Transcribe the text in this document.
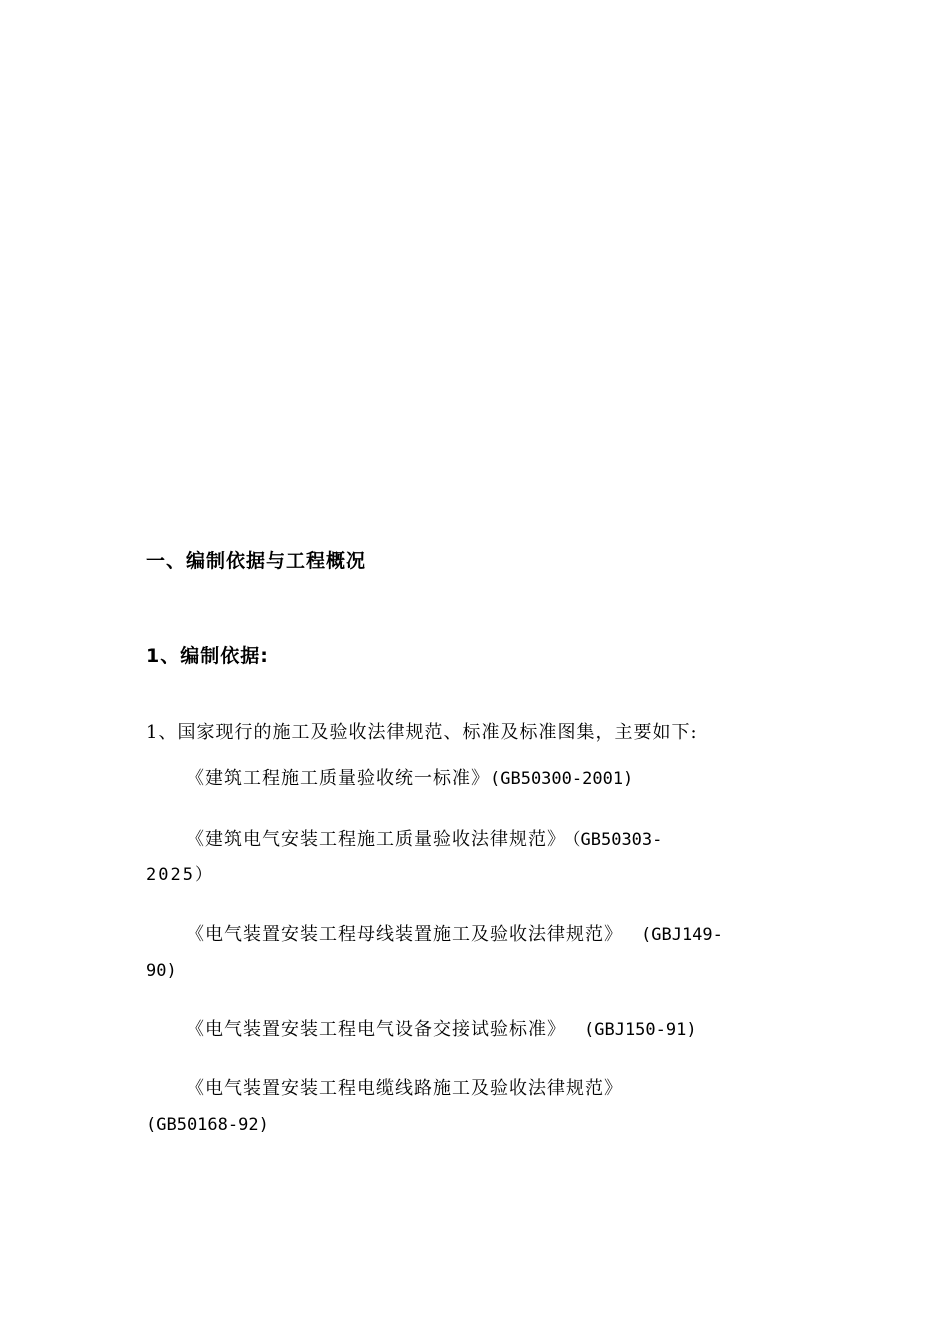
一、编制依据与工程概况
1、编制依据:
1、国家现行的施工及验收法律规范、标准及标准图集，主要如下:
《建筑工程施工质量验收统一标准》(GB50300-2001)
《建筑电气安装工程施工质量验收法律规范》 （GB50303-
2025）
《电气装置安装工程母线装置施工及验收法律规范》 (GBJ149-
90)
《电气装置安装工程电气设备交接试验标准》 (GBJ150-91)
《电气装置安装工程电缆线路施工及验收法律规范》
(GB50168-92)
